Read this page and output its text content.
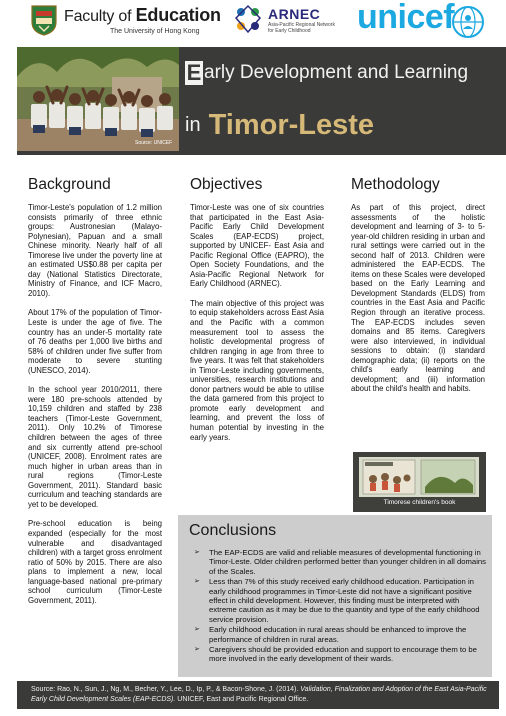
Faculty of Education
The University of Hong Kong
ARNEC
Asia-Pacific Regional Network for Early Childhood	unicef
Source: UNICEF
E arly Development and Learning
in Timor-Leste
Background

Timor-Leste's population of 1.2 million consists primarily of three ethnic groups: Austronesian (Malayo-Polynesian), Papuan and a small Chinese minority. Nearly half of all Timorese live under the poverty line at an estimated US$0.88 per capita per day (National Statistics Directorate, Ministry of Finance, and ICF Macro, 2010).

About 17% of the population of Timor-Leste is under the age of five. The country has an under-5 mortality rate of 76 deaths per 1,000 live births and 58% of children under five suffer from moderate to severe stunting (UNESCO, 2014).

In the school year 2010/2011, there were 180 pre-schools attended by 10,159 children and staffed by 238 teachers (Timor-Leste Government, 2011). Only 10.2% of Timorese children between the ages of three and six currently attend pre-school (UNICEF, 2008). Enrolment rates are much higher in urban areas than in rural regions (Timor-Leste Government, 2011). Standard basic curriculum and teaching standards are yet to be developed.

Pre-school education is being expanded (especially for the most vulnerable and disadvantaged children) with a target gross enrolment ratio of 50% by 2015. There are also plans to implement a new, local language-based national pre-primary school curriculum (Timor-Leste Government, 2011).

Objectives

Timor-Leste was one of six countries that participated in the East Asia-Pacific Early Child Development Scales (EAP-ECDS) project, supported by UNICEF- East Asia and Pacific Regional Office (EAPRO), the Open Society Foundations, and the Asia-Pacific Regional Network for Early Childhood (ARNEC).

The main objective of this project was to equip stakeholders across East Asia and the Pacific with a common measurement tool to assess the holistic developmental progress of children ranging in age from three to five years. It was felt that stakeholders in Timor-Leste including governments, universities, research institutions and donor partners would be able to utilise the data garnered from this project to promote early development and learning, and prevent the loss of human potential by investing in the early years.

Methodology

As part of this project, direct assessments of the holistic development and learning of 3- to 5-year-old children residing in urban and rural settings were carried out in the second half of 2013. Children were administered the EAP-ECDS. The items on these Scales were developed based on the Early Learning and Development Standards (ELDS) from countries in the East Asia and Pacific Region through an iterative process. The EAP-ECDS includes seven domains and 85 items. Caregivers were also interviewed, in individual sessions to obtain: (i) standard demographic data; (ii) reports on the child's early learning and development; and (iii) information about the child's health and habits.

Timorese children's book
Conclusions
➢ The EAP-ECDS are valid and reliable measures of developmental functioning in Timor-Leste. Older children performed better than younger children in all domains of the Scales.
➢ Less than 7% of this study received early childhood education. Participation in early childhood programmes in Timor-Leste did not have a significant positive effect in child development. However, this finding must be interpreted with extreme caution as it may be due to the quantity and type of the early childhood service provision.
➢ Early childhood education in rural areas should be enhanced to improve the performance of children in rural areas.
➢ Caregivers should be provided education and support to encourage them to be more involved in the early development of their wards.
Source: Rao, N., Sun, J., Ng, M., Becher, Y., Lee, D., Ip, P., & Bacon-Shone, J. (2014). Validation, Finalization and Adoption of the East Asia-Pacific Early Child Development Scales (EAP-ECDS). UNICEF, East and Pacific Regional Office.
